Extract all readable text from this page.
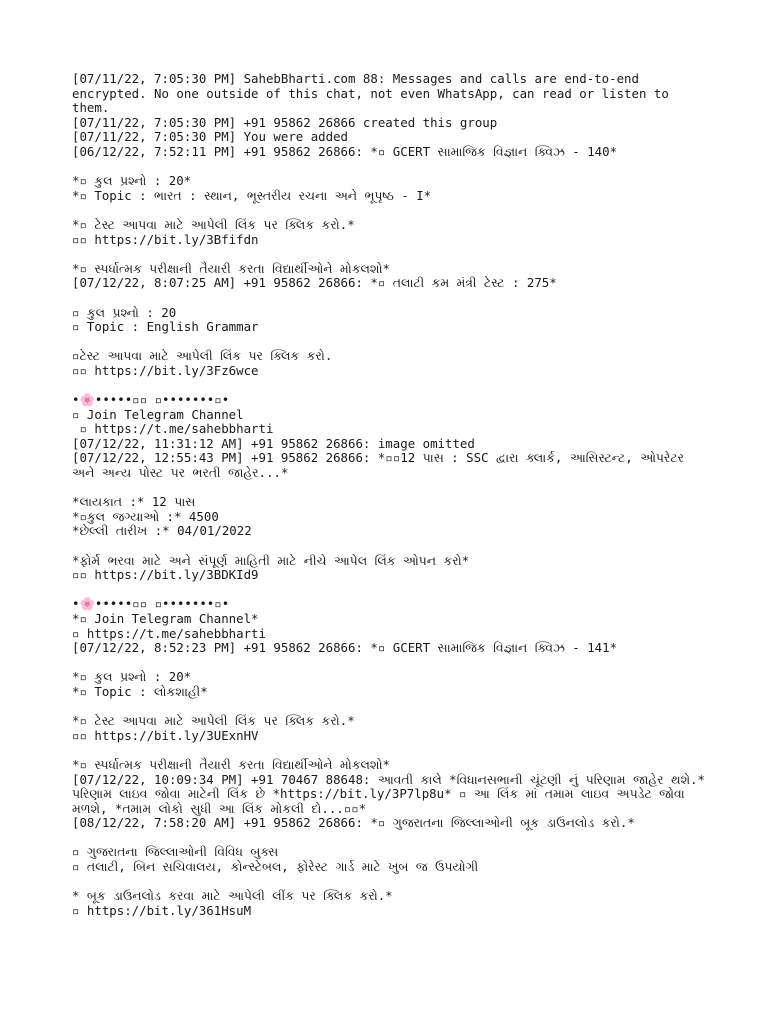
[07/11/22, 7:05:30 PM] SahebBharti.com 88: Messages and calls are end-to-end encrypted. No one outside of this chat, not even WhatsApp, can read or listen to them.
[07/11/22, 7:05:30 PM] +91 95862 26866 created this group
[07/11/22, 7:05:30 PM] You were added
[06/12/22, 7:52:11 PM] +91 95862 26866: *▫ GCERT સામાજિક વિજ્ઞાન ક્વિઝ - 140*
*▫ કુલ પ્રશ્નો : 20*
*▫ Topic : ભારત : સ્થાન, ભૂસ્તરીય રચના અને ભૂપૃષ્ઠ - I*
*▫ ટેસ્ટ આપવા માટે આપેલી લિંક પર ક્લિક કરો.*
▫▫ https://bit.ly/3Bfifdn
*▫ સ્પર્ધાત્મક પરીક્ષાની તૈયારી કરતા વિદ્યાર્થીઓને મોકલશો*
[07/12/22, 8:07:25 AM] +91 95862 26866: *▫ તલાટી કમ મંત્રી ટેસ્ટ : 275*
▫ કુલ પ્રશ્નો : 20
▫ Topic : English Grammar
▫ટેસ્ટ આપવા માટે આપેલી લિંક પર ક્લિક કરો.
▫▫ https://bit.ly/3Fz6wce
•🌸•••••▫▫ ▫•••••••▫•
▫ Join Telegram Channel
▫ https://t.me/sahebbharti
[07/12/22, 11:31:12 AM] +91 95862 26866: image omitted
[07/12/22, 12:55:43 PM] +91 95862 26866: *▫▫12 પાસ : SSC દ્વારા ક્લાર્ક, આસિસ્ટન્ટ, ઓપરેટર અને અન્ય પોસ્ટ પર ભરતી જાહેર...*
*લાયકાત :* 12 પાસ
*▫કુલ જગ્યાઓ :* 4500
*છેલ્લી તારીખ :* 04/01/2022
*ફોર્મ ભરવા માટે અને સંપૂર્ણ માહિતી માટે નીચે આપેલ લિંક ઓપન કરો*
▫▫ https://bit.ly/3BDKId9
•🌸•••••▫▫ ▫•••••••▫•
*▫ Join Telegram Channel*
▫ https://t.me/sahebbharti
[07/12/22, 8:52:23 PM] +91 95862 26866: *▫ GCERT સામાજિક વિજ્ઞાન ક્વિઝ - 141*
*▫ કુલ પ્રશ્નો : 20*
*▫ Topic : લોકશાહી*
*▫ ટેસ્ટ આપવા માટે આપેલી લિંક પર ક્લિક કરો.*
▫▫ https://bit.ly/3UExnHV
*▫ સ્પર્ધાત્મક પરીક્ષાની તૈયારી કરતા વિદ્યાર્થીઓને મોકલશો*
[07/12/22, 10:09:34 PM] +91 70467 88648: આવતી કાલે *વિધાનસભાની ચૂંટણી નું પરિણામ જાહેર થશે.* પરિણામ લાઇવ જોવા માટેની લિંક છે *https://bit.ly/3P7lp8u* ▫ આ લિંક માં તમામ લાઇવ અપડેટ જોવા મળશે, *તમામ લોકો સુધી આ લિંક મોકલી દો...▫▫*
[08/12/22, 7:58:20 AM] +91 95862 26866: *▫ ગુજરાતના જિલ્લાઓની બૂક ડાઉનલોડ કરો.*
▫ ગુજરાતના જિલ્લાઓની વિવિધ બુક્સ
▫ તલાટી, બિન સચિવાલય, કોન્સ્ટેબલ, ફોરેસ્ટ ગાર્ડ માટે ખુબ જ ઉપયોગી
* બૂક ડાઉનલોડ કરવા માટે આપેલી લીંક પર ક્લિક કરો.*
▫ https://bit.ly/361HsuM
